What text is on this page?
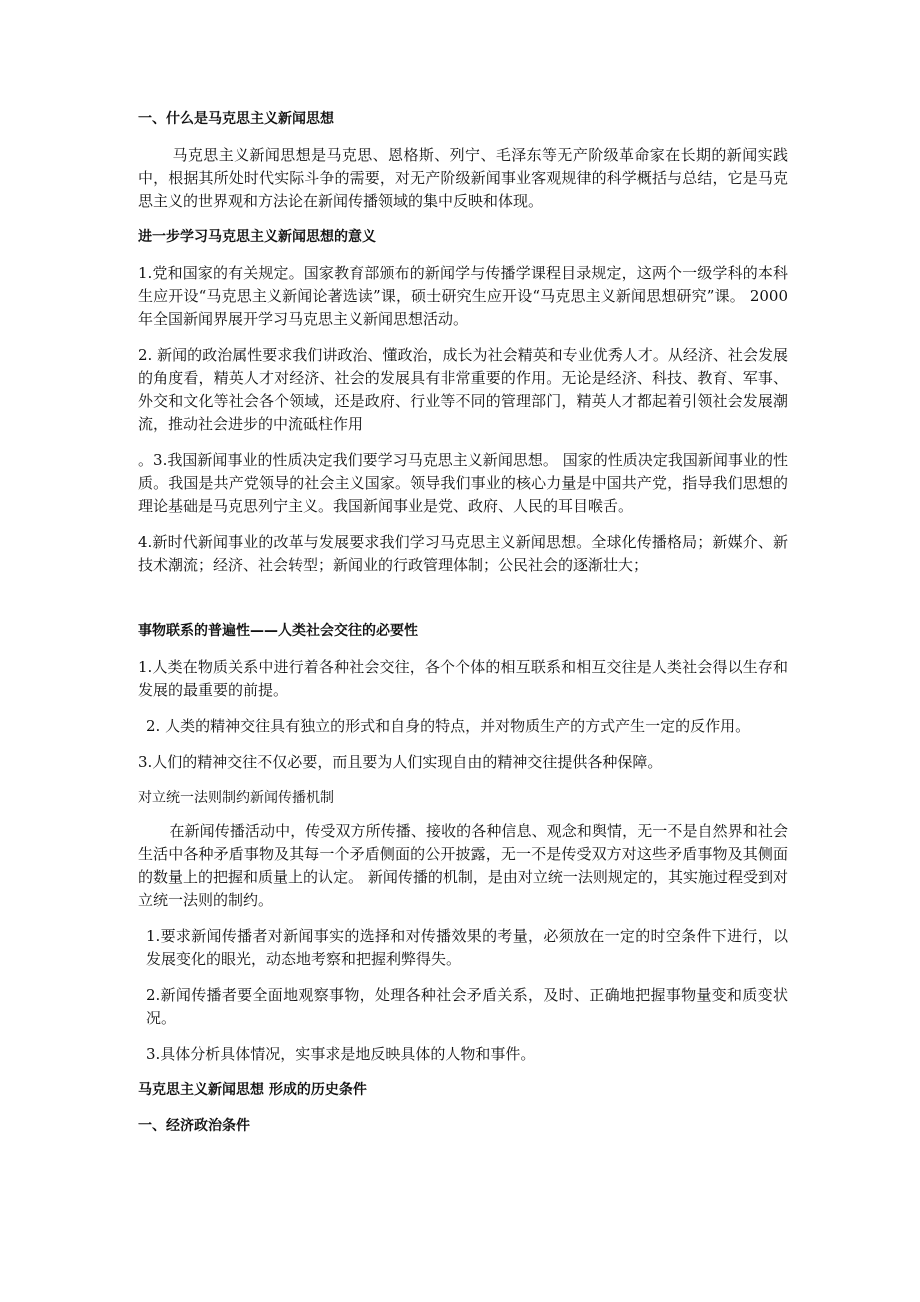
一、什么是马克思主义新闻思想
马克思主义新闻思想是马克思、恩格斯、列宁、毛泽东等无产阶级革命家在长期的新闻实践中，根据其所处时代实际斗争的需要，对无产阶级新闻事业客观规律的科学概括与总结，它是马克思主义的世界观和方法论在新闻传播领域的集中反映和体现。
进一步学习马克思主义新闻思想的意义
1.党和国家的有关规定。国家教育部颁布的新闻学与传播学课程目录规定，这两个一级学科的本科生应开设“马克思主义新闻论著选读”课，硕士研究生应开设“马克思主义新闻思想研究”课。 2000年全国新闻界展开学习马克思主义新闻思想活动。
2. 新闻的政治属性要求我们讲政治、懂政治，成长为社会精英和专业优秀人才。从经济、社会发展的角度看，精英人才对经济、社会的发展具有非常重要的作用。无论是经济、科技、教育、军事、外交和文化等社会各个领域，还是政府、行业等不同的管理部门，精英人才都起着引领社会发展潮流，推动社会进步的中流砥柱作用
。3.我国新闻事业的性质决定我们要学习马克思主义新闻思想。 国家的性质决定我国新闻事业的性质。我国是共产党领导的社会主义国家。领导我们事业的核心力量是中国共产党，指导我们思想的理论基础是马克思列宁主义。我国新闻事业是党、政府、人民的耳目喉舌。
4.新时代新闻事业的改革与发展要求我们学习马克思主义新闻思想。全球化传播格局；新媒介、新技术潮流；经济、社会转型；新闻业的行政管理体制；公民社会的逐渐壮大；
事物联系的普遍性——人类社会交往的必要性
1.人类在物质关系中进行着各种社会交往，各个个体的相互联系和相互交往是人类社会得以生存和发展的最重要的前提。
2. 人类的精神交往具有独立的形式和自身的特点，并对物质生产的方式产生一定的反作用。
3.人们的精神交往不仅必要，而且要为人们实现自由的精神交往提供各种保障。
对立统一法则制约新闻传播机制
在新闻传播活动中，传受双方所传播、接收的各种信息、观念和舆情，无一不是自然界和社会生活中各种矛盾事物及其每一个矛盾侧面的公开披露，无一不是传受双方对这些矛盾事物及其侧面的数量上的把握和质量上的认定。 新闻传播的机制，是由对立统一法则规定的，其实施过程受到对立统一法则的制约。
1.要求新闻传播者对新闻事实的选择和对传播效果的考量，必须放在一定的时空条件下进行，以发展变化的眼光，动态地考察和把握利弊得失。
2.新闻传播者要全面地观察事物，处理各种社会矛盾关系，及时、正确地把握事物量变和质变状况。
3.具体分析具体情况，实事求是地反映具体的人物和事件。
马克思主义新闻思想 形成的历史条件
一、经济政治条件
